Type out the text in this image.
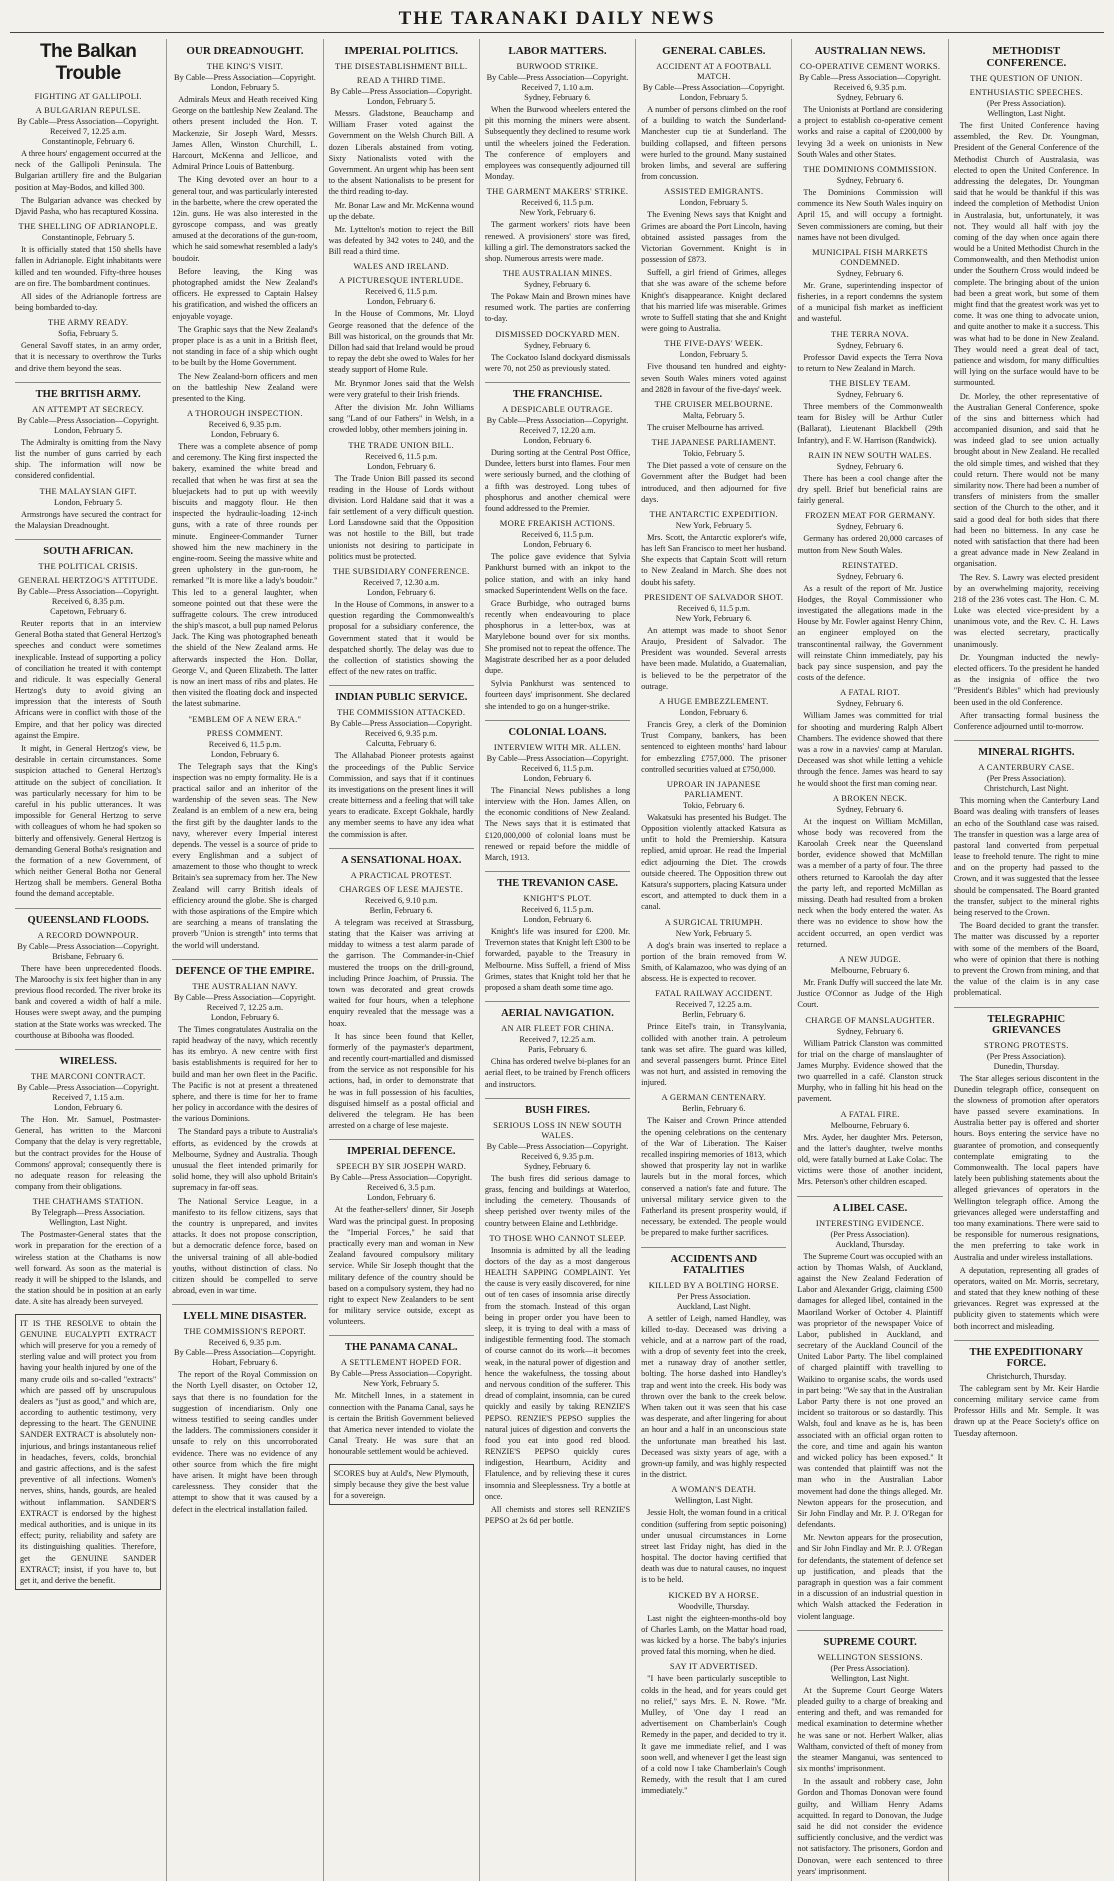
THE TARANAKI DAILY NEWS
The Balkan Trouble
FIGHTING AT GALLIPOLI.
A BULGARIAN REPULSE.
By Cable—Press Association—Copyright.
Received 7, 12.25 a.m.
Constantinople, February 6.

A three hours' engagement occurred at the neck of the Gallipoli Peninsula. The Bulgarian artillery fire and the Bulgarian position at May-Bodos, and killed 300.

The Bulgarian advance was checked by Djavid Pasha, who has recaptured Kossina.

THE SHELLING OF ADRIANOPLE.
Constantinople, February 5.

It is officially stated that 150 shells have fallen in Adrianople. Eight inhabitants were killed and ten wounded. Fifty-three houses are on fire. The bombardment continues.

All sides of the Adrianople fortress are being bombarded to-day.

THE ARMY READY.
Sofia, February 5.

General Savoff states, in an army order, that it is necessary to overthrow the Turks and drive them beyond the seas.

THE BRITISH ARMY.
AN ATTEMPT AT SECRECY.
By Cable—Press Association—Copyright.
London, February 5.

The Admiralty is omitting from the Navy list the number of guns carried by each ship. The information will now be considered confidential.

THE MALAYSIAN GIFT.
London, February 5.

Armstrongs have secured the contract for the Malaysian Dreadnought.

SOUTH AFRICAN.
THE POLITICAL CRISIS.
GENERAL HERTZOG'S ATTITUDE.
By Cable—Press Association—Copyright.
Received 6, 8.35 p.m.
Capetown, February 6.

Reuter reports that in an interview General Botha stated that General Hertzog's speeches and conduct were sometimes inexplicable. Instead of supporting a policy of conciliation he treated it with contempt and ridicule. It was especially General Hertzog's duty to avoid giving an impression that the interests of South Africans were in conflict with those of the Empire, and that her policy was directed against the Empire.

It might, in General Hertzog's view, be desirable in certain circumstances. Some suspicion attached to General Hertzog's attitude on the subject of conciliation. It was particularly necessary for him to be careful in his public utterances. It was impossible for General Hertzog to serve with colleagues of whom he had spoken so bitterly and offensively. General Hertzog is demanding General Botha's resignation and the formation of a new Government, of which neither General Botha nor General Hertzog shall be members. General Botha found the demand acceptable.

QUEENSLAND FLOODS.
A RECORD DOWNPOUR.
By Cable—Press Association—Copyright.
Brisbane, February 6.

There have been unprecedented floods. The Maroochy is six feet higher than in any previous flood recorded. The river broke its bank and covered a width of half a mile. Houses were swept away, and the pumping station at the State works was wrecked. The courthouse at Bibooha was flooded.

WIRELESS.
THE MARCONI CONTRACT.
By Cable—Press Association—Copyright.
Received 7, 1.15 a.m.
London, February 6.

The Hon. Mr. Samuel, Postmaster-General, has written to the Marconi Company that the delay is very regrettable, but the contract provides for the House of Commons' approval; consequently there is no adequate reason for releasing the company from their obligations.

THE CHATHAMS STATION.
By Telegraph—Press Association.
Wellington, Last Night.

The Postmaster-General states that the work in preparation for the erection of a wireless station at the Chathams is now well forward. As soon as the material is ready it will be shipped to the Islands, and the station should be in position at an early date. A site has already been surveyed.

IT IS THE RESOLVE to obtain the GENUINE EUCALYPTI EXTRACT which will preserve for you a remedy of sterling value and will protect you from having your health injured by one of the many crude oils and so-called "extracts" which are passed off by unscrupulous dealers as "just as good," and which are, according to authentic testimony, very depressing to the heart. The GENUINE SANDER EXTRACT is absolutely non-injurious, and brings instantaneous relief in headaches, fevers, colds, bronchial and gastric affections, and is the safest preventive of all infections. Women's nerves, shins, hands, gourds, are healed without inflammation. SANDER'S EXTRACT is endorsed by the highest medical authorities, and is unique in its effect; purity, reliability and safety are its distinguishing qualities. Therefore, get the GENUINE SANDER EXTRACT; insist, if you have to, but get it, and derive the benefit.
OUR DREADNOUGHT.
THE KING'S VISIT.
By Cable—Press Association—Copyright.
London, February 5.

Admirals Meux and Heath received King George on the battleship New Zealand. The others present included the Hon. T. Mackenzie, Sir Joseph Ward, Messrs. James Allen, Winston Churchill, L. Harcourt, McKenna and Jellicoe, and Admiral Prince Louis of Battenburg.

The King devoted over an hour to a general tour, and was particularly interested in the barbette, where the crew operated the 12in. guns. He was also interested in the gyroscope compass, and was greatly amused at the decorations of the gun-room, which he said somewhat resembled a lady's boudoir.

Before leaving, the King was photographed amidst the New Zealand's officers. He expressed to Captain Halsey his gratification, and wished the officers an enjoyable voyage.

The Graphic says that the New Zealand's proper place is as a unit in a British fleet, not standing in face of a ship which ought to be built by the Home Government.

The New Zealand-born officers and men on the battleship New Zealand were presented to the King.

A THOROUGH INSPECTION.
Received 6, 9.35 p.m.
London, February 6.

There was a complete absence of pomp and ceremony. The King first inspected the bakery, examined the white bread and recalled that when he was first at sea the bluejackets had to put up with weevily biscuits and maggoty flour. He then inspected the hydraulic-loading 12-inch guns, with a rate of three rounds per minute. Engineer-Commander Turner showed him the new machinery in the engine-room. Seeing the massive white and green upholstery in the gun-room, he remarked "It is more like a lady's boudoir." This led to a general laughter, when someone pointed out that these were the suffragette colours. The crew introduced the ship's mascot, a bull pup named Pelorus Jack. The King was photographed beneath the shield of the New Zealand arms. He afterwards inspected the Hon. Dollar, George V., and Queen Elizabeth. The latter is now an inert mass of ribs and plates. He then visited the floating dock and inspected the latest submarine.

"EMBLEM OF A NEW ERA."
PRESS COMMENT.
Received 6, 11.5 p.m.
London, February 6.

The Telegraph says that the King's inspection was no empty formality. He is a practical sailor and an inheritor of the wardenship of the seven seas. The New Zealand is an emblem of a new era, being the first gift by the daughter lands to the navy, wherever every Imperial interest depends. The vessel is a source of pride to every Englishman and a subject of amazement to those who thought to wreck Britain's sea supremacy from her. The New Zealand will carry British ideals of efficiency around the globe. She is charged with those aspirations of the Empire which are searching a means of translating the proverb "Union is strength" into terms that the world will understand.

DEFENCE OF THE EMPIRE.
THE AUSTRALIAN NAVY.
By Cable—Press Association—Copyright.
Received 7, 12.25 a.m.
London, February 6.

The Times congratulates Australia on the rapid headway of the navy, which recently has its embryo. A new centre with first basis establishments is required for her to build and man her own fleet in the Pacific. The Pacific is not at present a threatened sphere, and there is time for her to frame her policy in accordance with the desires of the various Dominions.

The Standard pays a tribute to Australia's efforts, as evidenced by the crowds at Melbourne, Sydney and Australia. Though unusual the fleet intended primarily for solid home, they will also uphold Britain's supremacy in far-off seas.

The National Service League, in a manifesto to its fellow citizens, says that the country is unprepared, and invites attacks. It does not propose conscription, but a democratic defence force, based on the universal training of all able-bodied youths, without distinction of class. No citizen should be compelled to serve abroad, even in war time.

LYELL MINE DISASTER.
THE COMMISSION'S REPORT.
Received 6, 9.35 p.m.
By Cable—Press Association—Copyright.
Hobart, February 6.

The report of the Royal Commission on the North Lyell disaster, on October 12, says that there is no foundation for the suggestion of incendiarism. Only one witness testified to seeing candles under the ladders. The commissioners consider it unsafe to rely on this uncorroborated evidence. There was no evidence of any other source from which the fire might have arisen. It might have been through carelessness. They consider that the attempt to show that it was caused by a defect in the electrical installation failed.

IMPERIAL POLITICS.
THE DISESTABLISHMENT BILL.
READ A THIRD TIME.
By Cable—Press Association—Copyright.
London, February 5.

Messrs. Gladstone, Beauchamp and William Fraser voted against the Government on the Welsh Church Bill. A dozen Liberals abstained from voting. Sixty Nationalists voted with the Government. An urgent whip has been sent to the absent Nationalists to be present for the third reading to-day.

Mr. Bonar Law and Mr. McKenna wound up the debate.

Mr. Lyttelton's motion to reject the Bill was defeated by 342 votes to 240, and the Bill read a third time.

WALES AND IRELAND.
A PICTURESQUE INTERLUDE.
Received 6, 11.5 p.m.
London, February 6.

In the House of Commons, Mr. Lloyd George reasoned that the defence of the Bill was historical, on the grounds that Mr. Dillon had said that Ireland would be proud to repay the debt she owed to Wales for her steady support of Home Rule.

Mr. Brynmor Jones said that the Welsh were very grateful to their Irish friends.

After the division Mr. John Williams sang "Land of our Fathers" in Welsh, in a crowded lobby, other members joining in.

THE TRADE UNION BILL.
Received 6, 11.5 p.m.
London, February 6.

The Trade Union Bill passed its second reading in the House of Lords without division. Lord Haldane said that it was a fair settlement of a very difficult question. Lord Lansdowne said that the Opposition was not hostile to the Bill, but trade unionists not desiring to participate in politics must be protected.

THE SUBSIDIARY CONFERENCE.
Received 7, 12.30 a.m.
London, February 6.

In the House of Commons, in answer to a question regarding the Commonwealth's proposal for a subsidiary conference, the Government stated that it would be despatched shortly. The delay was due to the collection of statistics showing the effect of the new rates on traffic.

INDIAN PUBLIC SERVICE.
THE COMMISSION ATTACKED.
By Cable—Press Association—Copyright.
Received 6, 9.35 p.m.
Calcutta, February 6.

The Allahabad Pioneer protests against the proceedings of the Public Service Commission, and says that if it continues its investigations on the present lines it will create bitterness and a feeling that will take years to eradicate. Except Gokhale, hardly any member seems to have any idea what the commission is after.

A SENSATIONAL HOAX.
A PRACTICAL PROTEST.
CHARGES OF LESE MAJESTE.
Received 6, 9.10 p.m.
Berlin, February 6.

A telegram was received at Strassburg, stating that the Kaiser was arriving at midday to witness a test alarm parade of the garrison. The Commander-in-Chief mustered the troops on the drill-ground, including Prince Joachim, of Prussia. The town was decorated and great crowds waited for four hours, when a telephone enquiry revealed that the message was a hoax.

It has since been found that Keller, formerly of the paymaster's department, and recently court-martialled and dismissed from the service as not responsible for his actions, had, in order to demonstrate that he was in full possession of his faculties, disguised himself as a postal official and delivered the telegram. He has been arrested on a charge of lese majeste.

IMPERIAL DEFENCE.
SPEECH BY SIR JOSEPH WARD.
By Cable—Press Association—Copyright.
Received 6, 3.5 p.m.
London, February 6.

At the feather-sellers' dinner, Sir Joseph Ward was the principal guest. In proposing the "Imperial Forces," he said that practically every man and woman in New Zealand favoured compulsory military service. While Sir Joseph thought that the military defence of the country should be based on a compulsory system, they had no right to expect New Zealanders to be sent for military service outside, except as volunteers.

THE PANAMA CANAL.
A SETTLEMENT HOPED FOR.
By Cable—Press Association—Copyright.
New York, February 5.

Mr. Mitchell Innes, in a statement in connection with the Panama Canal, says he is certain the British Government believed that America never intended to violate the Canal Treaty. He was sure that an honourable settlement would be achieved.

SCORES buy at Auld's, New Plymouth, simply because they give the best value for a sovereign.
LABOR MATTERS.
BURWOOD STRIKE.
By Cable—Press Association—Copyright.
Received 7, 1.10 a.m.
Sydney, February 6.

When the Burwood wheelers entered the pit this morning the miners were absent. Subsequently they declined to resume work until the wheelers joined the Federation. The conference of employers and employees was consequently adjourned till Monday.

THE GARMENT MAKERS' STRIKE.
Received 6, 11.5 p.m.
New York, February 6.

The garment workers' riots have been renewed. A provisioners' store was fired, killing a girl. The demonstrators sacked the shop. Numerous arrests were made.

THE AUSTRALIAN MINES.
Sydney, February 6.

The Pokaw Main and Brown mines have resumed work. The parties are conferring to-day.

DISMISSED DOCKYARD MEN.
Sydney, February 6.

The Cockatoo Island dockyard dismissals were 70, not 250 as previously stated.

THE FRANCHISE.
A DESPICABLE OUTRAGE.
By Cable—Press Association—Copyright.
Received 7, 12.20 a.m.
London, February 6.

During sorting at the Central Post Office, Dundee, letters burst into flames. Four men were seriously burned, and the clothing of a fifth was destroyed. Long tubes of phosphorus and another chemical were found addressed to the Premier.

MORE FREAKISH ACTIONS.
Received 6, 11.5 p.m.
London, February 6.

The police gave evidence that Sylvia Pankhurst burned with an inkpot to the police station, and with an inky hand smacked Superintendent Wells on the face.

Grace Burbidge, who outraged burns recently when endeavouring to place phosphorus in a letter-box, was at Marylebone bound over for six months. She promised not to repeat the offence. The Magistrate described her as a poor deluded dupe.

Sylvia Pankhurst was sentenced to fourteen days' imprisonment. She declared she intended to go on a hunger-strike.

COLONIAL LOANS.
INTERVIEW WITH MR. ALLEN.
By Cable—Press Association—Copyright.
Received 6, 11.5 p.m.
London, February 6.

The Financial News publishes a long interview with the Hon. James Allen, on the economic conditions of New Zealand. The News says that it is estimated that £120,000,000 of colonial loans must be renewed or repaid before the middle of March, 1913.

THE TREVANION CASE.
KNIGHT'S PLOT.
Received 6, 11.5 p.m.
London, February 6.

Knight's life was insured for £200. Mr. Trevernon states that Knight left £300 to be forwarded, payable to the Treasury in Melbourne. Miss Suffell, a friend of Miss Grimes, states that Knight told her that he proposed a sham death some time ago.

AERIAL NAVIGATION.
AN AIR FLEET FOR CHINA.
Received 7, 12.25 a.m.
Paris, February 6.

China has ordered twelve bi-planes for an aerial fleet, to be trained by French officers and instructors.

BUSH FIRES.
SERIOUS LOSS IN NEW SOUTH WALES.
By Cable—Press Association—Copyright.
Received 6, 9.35 p.m.
Sydney, February 6.

The bush fires did serious damage to grass, fencing and buildings at Waterloo, including the cemetery. Thousands of sheep perished over twenty miles of the country between Elaine and Lethbridge.

TO THOSE WHO CANNOT SLEEP.

Insomnia is admitted by all the leading doctors of the day as a most dangerous HEALTH SAPPING COMPLAINT. Yet the cause is very easily discovered, for nine out of ten cases of insomnia arise directly from the stomach. Instead of this organ being in proper order you have been to sleep, it is trying to deal with a mass of indigestible fermenting food. The stomach of course cannot do its work—it becomes weak, in the natural power of digestion and hence the wakefulness, the tossing about and nervous condition of the sufferer. This dread of complaint, insomnia, can be cured quickly and easily by taking RENZIE'S PEPSO. RENZIE'S PEPSO supplies the natural juices of digestion and converts the food you eat into good red blood. RENZIE'S PEPSO quickly cures indigestion, Heartburn, Acidity and Flatulence, and by relieving these it cures insomnia and Sleeplessness. Try a bottle at once.

All chemists and stores sell RENZIE'S PEPSO at 2s 6d per bottle.

GENERAL CABLES.
ACCIDENT AT A FOOTBALL MATCH.
By Cable—Press Association—Copyright.
London, February 5.

A number of persons climbed on the roof of a building to watch the Sunderland-Manchester cup tie at Sunderland. The building collapsed, and fifteen persons were hurled to the ground. Many sustained broken limbs, and several are suffering from concussion.

ASSISTED EMIGRANTS.
London, February 5.

The Evening News says that Knight and Grimes are aboard the Port Lincoln, having obtained assisted passages from the Victorian Government. Knight is in possession of £873.

Suffell, a girl friend of Grimes, alleges that she was aware of the scheme before Knight's disappearance. Knight declared that his married life was miserable. Grimes wrote to Suffell stating that she and Knight were going to Australia.

THE FIVE-DAYS' WEEK.
London, February 5.

Five thousand ten hundred and eighty-seven South Wales miners voted against and 2828 in favour of the five-days' week.

THE CRUISER MELBOURNE.
Malta, February 5.

The cruiser Melbourne has arrived.

THE JAPANESE PARLIAMENT.
Tokio, February 5.

The Diet passed a vote of censure on the Government after the Budget had been introduced, and then adjourned for five days.

THE ANTARCTIC EXPEDITION.
New York, February 5.

Mrs. Scott, the Antarctic explorer's wife, has left San Francisco to meet her husband. She expects that Captain Scott will return to New Zealand in March. She does not doubt his safety.

PRESIDENT OF SALVADOR SHOT.
Received 6, 11.5 p.m.
New York, February 6.

An attempt was made to shoot Senor Araujo, President of Salvador. The President was wounded. Several arrests have been made. Mulatido, a Guatemalian, is believed to be the perpetrator of the outrage.

A HUGE EMBEZZLEMENT.
London, February 6.

Francis Grey, a clerk of the Dominion Trust Company, bankers, has been sentenced to eighteen months' hard labour for embezzling £757,000. The prisoner controlled securities valued at £750,000.

UPROAR IN JAPANESE PARLIAMENT.
Tokio, February 6.

Wakatsuki has presented his Budget. The Opposition violently attacked Katsura as unfit to hold the Premiership. Katsura replied, amid uproar. He read the Imperial edict adjourning the Diet. The crowds outside cheered. The Opposition threw out Katsura's supporters, placing Katsura under escort, and attempted to duck them in a canal.

A SURGICAL TRIUMPH.
New York, February 5.

A dog's brain was inserted to replace a portion of the brain removed from W. Smith, of Kalamazoo, who was dying of an abscess. He is expected to recover.

FATAL RAILWAY ACCIDENT.
Received 7, 12.25 a.m.
Berlin, February 6.

Prince Eitel's train, in Transylvania, collided with another train. A petroleum tank was set afire. The guard was killed, and several passengers burnt. Prince Eitel was not hurt, and assisted in removing the injured.

A GERMAN CENTENARY.
Berlin, February 6.

The Kaiser and Crown Prince attended the opening celebrations on the centenary of the War of Liberation. The Kaiser recalled inspiring memories of 1813, which showed that prosperity lay not in warlike laurels but in the moral forces, which conserved a nation's fate and future. The universal military service given to the Fatherland its present prosperity would, if necessary, be extended. The people would be prepared to make further sacrifices.

ACCIDENTS AND FATALITIES
KILLED BY A BOLTING HORSE.
Per Press Association.
Auckland, Last Night.

A settler of Leigh, named Handley, was killed to-day. Deceased was driving a vehicle, and at a narrow part of the road, with a drop of seventy feet into the creek, met a runaway dray of another settler, bolting. The horse dashed into Handley's trap and went into the creek. His body was thrown over the bank to the creek below. When taken out it was seen that his case was desperate, and after lingering for about an hour and a half in an unconscious state the unfortunate man breathed his last. Deceased was sixty years of age, with a grown-up family, and was highly respected in the district.

A WOMAN'S DEATH.
Wellington, Last Night.

Jessie Holt, the woman found in a critical condition (suffering from septic poisoning) under unusual circumstances in Lorne street last Friday night, has died in the hospital. The doctor having certified that death was due to natural causes, no inquest is to be held.

KICKED BY A HORSE.
Woodville, Thursday.

Last night the eighteen-months-old boy of Charles Lamb, on the Mattar hoad road, was kicked by a horse. The baby's injuries proved fatal this morning, when he died.

SAY IT ADVERTISED.

"I have been particularly susceptible to colds in the head, and for years could get no relief," says Mrs. E. N. Rowe. "Mr. Mulley, of 'One day I read an advertisement on Chamberlain's Cough Remedy in the paper, and decided to try it. It gave me immediate relief, and I was soon well, and whenever I get the least sign of a cold now I take Chamberlain's Cough Remedy, with the result that I am cured immediately."

AUSTRALIAN NEWS.
CO-OPERATIVE CEMENT WORKS.
By Cable—Press Association—Copyright.
Received 6, 9.35 p.m.
Sydney, February 6.

The Unionists at Portland are considering a project to establish co-operative cement works and raise a capital of £200,000 by levying 3d a week on unionists in New South Wales and other States.

THE DOMINIONS COMMISSION.
Sydney, February 6.

The Dominions Commission will commence its New South Wales inquiry on April 15, and will occupy a fortnight. Seven commissioners are coming, but their names have not been divulged.

MUNICIPAL FISH MARKETS CONDEMNED.
Sydney, February 6.

Mr. Grane, superintending inspector of fisheries, in a report condemns the system of a municipal fish market as inefficient and wasteful.

THE TERRA NOVA.
Sydney, February 6.

Professor David expects the Terra Nova to return to New Zealand in March.

THE BISLEY TEAM.
Sydney, February 6.

Three members of the Commonwealth team for Bisley will be Arthur Cutler (Ballarat), Lieutenant Blackbell (29th Infantry), and F. W. Harrison (Randwick).

RAIN IN NEW SOUTH WALES.
Sydney, February 6.

There has been a cool change after the dry spell. Brief but beneficial rains are fairly general.

FROZEN MEAT FOR GERMANY.
Sydney, February 6.

Germany has ordered 20,000 carcases of mutton from New South Wales.

REINSTATED.
Sydney, February 6.

As a result of the report of Mr. Justice Hodges, the Royal Commissioner who investigated the allegations made in the House by Mr. Fowler against Henry Chinn, an engineer employed on the transcontinental railway, the Government will reinstate Chinn immediately, pay his back pay since suspension, and pay the costs of the defence.

A FATAL RIOT.
Sydney, February 6.

William James was committed for trial for shooting and murdering Ralph Albert Chambers. The evidence showed that there was a row in a navvies' camp at Marulan. Deceased was shot while letting a vehicle through the fence. James was heard to say he would shoot the first man coming near.

A BROKEN NECK.
Sydney, February 6.

At the inquest on William McMillan, whose body was recovered from the Karoolah Creek near the Queensland border, evidence showed that McMillan was a member of a party of four. The three others returned to Karoolah the day after the party left, and reported McMillan as missing. Death had resulted from a broken neck when the body entered the water. As there was no evidence to show how the accident occurred, an open verdict was returned.

A NEW JUDGE.
Melbourne, February 6.

Mr. Frank Duffy will succeed the late Mr. Justice O'Connor as Judge of the High Court.

CHARGE OF MANSLAUGHTER.
Sydney, February 6.

William Patrick Clanston was committed for trial on the charge of manslaughter of James Murphy. Evidence showed that the two quarrelled in a café. Clanston struck Murphy, who in falling hit his head on the pavement.

A FATAL FIRE.
Melbourne, February 6.

Mrs. Ayder, her daughter Mrs. Peterson, and the latter's daughter, twelve months old, were fatally burned at Lake Colac. The victims were those of another incident, Mrs. Peterson's other children escaped.

A LIBEL CASE.
INTERESTING EVIDENCE.
(Per Press Association).
Auckland, Thursday.

The Supreme Court was occupied with an action by Thomas Walsh, of Auckland, against the New Zealand Federation of Labor and Alexander Grigg, claiming £500 damages for alleged libel, contained in the Maoriland Worker of October 4. Plaintiff was proprietor of the newspaper Voice of Labor, published in Auckland, and secretary of the Auckland Council of the United Labor Party. The libel complained of charged plaintiff with travelling to Waikino to organise scabs, the words used in part being: "We say that in the Australian Labor Party there is not one proved an incident so traitorous or so dastardly. This Walsh, foul and knave as he is, has been associated with an official organ rotten to the core, and time and again his wanton and wicked policy has been exposed." It was contended that plaintiff was not the man who in the Australian Labor movement had done the things alleged. Mr. Newton appears for the prosecution, and Sir John Findlay and Mr. P. J. O'Regan for defendants.

Mr. Newton appears for the prosecution, and Sir John Findlay and Mr. P. J. O'Regan for defendants, the statement of defence set up justification, and pleads that the paragraph in question was a fair comment in a discussion of an industrial question in which Walsh attacked the Federation in violent language.

SUPREME COURT.
WELLINGTON SESSIONS.
(Per Press Association).
Wellington, Last Night.

At the Supreme Court George Waters pleaded guilty to a charge of breaking and entering and theft, and was remanded for medical examination to determine whether he was sane or not. Herbert Walker, alias Waltham, convicted of theft of money from the steamer Manganui, was sentenced to six months' imprisonment.

In the assault and robbery case, John Gordon and Thomas Donovan were found guilty, and William Henry Adams acquitted. In regard to Donovan, the Judge said he did not consider the evidence sufficiently conclusive, and the verdict was not satisfactory. The prisoners, Gordon and Donovan, were each sentenced to three years' imprisonment.

METHODIST CONFERENCE.
THE QUESTION OF UNION.
ENTHUSIASTIC SPEECHES.
(Per Press Association).
Wellington, Last Night.

The first United Conference having assembled, the Rev. Dr. Youngman, President of the General Conference of the Methodist Church of Australasia, was elected to open the United Conference. In addressing the delegates, Dr. Youngman said that he would be thankful if this was indeed the completion of Methodist Union in Australasia, but, unfortunately, it was not. They would all half with joy the coming of the day when once again there would be a United Methodist Church in the Commonwealth, and then Methodist union under the Southern Cross would indeed be complete. The bringing about of the union had been a great work, but some of them might find that the greatest work was yet to come. It was one thing to advocate union, and quite another to make it a success. This was what had to be done in New Zealand. They would need a great deal of tact, patience and wisdom, for many difficulties will lying on the surface would have to be surmounted.

Dr. Morley, the other representative of the Australian General Conference, spoke of the sins and bitterness which had accompanied disunion, and said that he was indeed glad to see union actually brought about in New Zealand. He recalled the old simple times, and wished that they could return. There would not be many similarity now. There had been a number of transfers of ministers from the smaller section of the Church to the other, and it said a good deal for both sides that there had been no bitterness. In any case he noted with satisfaction that there had been a great advance made in New Zealand in organisation.

The Rev. S. Lawry was elected president by an overwhelming majority, receiving 218 of the 236 votes cast. The Hon. C. M. Luke was elected vice-president by a unanimous vote, and the Rev. C. H. Laws was elected secretary, practically unanimously.

Dr. Youngman inducted the newly-elected officers. To the president he handed as the insignia of office the two "President's Bibles" which had previously been used in the old Conference.

After transacting formal business the Conference adjourned until to-morrow.

MINERAL RIGHTS.
A CANTERBURY CASE.
(Per Press Association).
Christchurch, Last Night.

This morning when the Canterbury Land Board was dealing with transfers of leases an echo of the Southland case was raised. The transfer in question was a large area of pastoral land converted from perpetual lease to freehold tenure. The right to mine and on the property had passed to the Crown, and it was suggested that the lessee should be compensated. The Board granted the transfer, subject to the mineral rights being reserved to the Crown.

The Board decided to grant the transfer. The matter was discussed by a reporter with some of the members of the Board, who were of opinion that there is nothing to prevent the Crown from mining, and that the value of the claim is in any case problematical.

TELEGRAPHIC GRIEVANCES
STRONG PROTESTS.
(Per Press Association).
Dunedin, Thursday.

The Star alleges serious discontent in the Dunedin telegraph office, consequent on the slowness of promotion after operators have passed severe examinations. In Australia better pay is offered and shorter hours. Boys entering the service have no guarantee of promotion, and consequently contemplate emigrating to the Commonwealth. The local papers have lately been publishing statements about the alleged grievances of operators in the Wellington telegraph office. Among the grievances alleged were understaffing and too many examinations. There were said to be responsible for numerous resignations, the men preferring to take work in Australia and under wireless installations.

A deputation, representing all grades of operators, waited on Mr. Morris, secretary, and stated that they knew nothing of these grievances. Regret was expressed at the publicity given to statements which were both incorrect and misleading.

THE EXPEDITIONARY FORCE.
Christchurch, Thursday.

The cablegram sent by Mr. Keir Hardie concerning military service came from Professor Hills and Mr. Semple. It was drawn up at the Peace Society's office on Tuesday afternoon.
